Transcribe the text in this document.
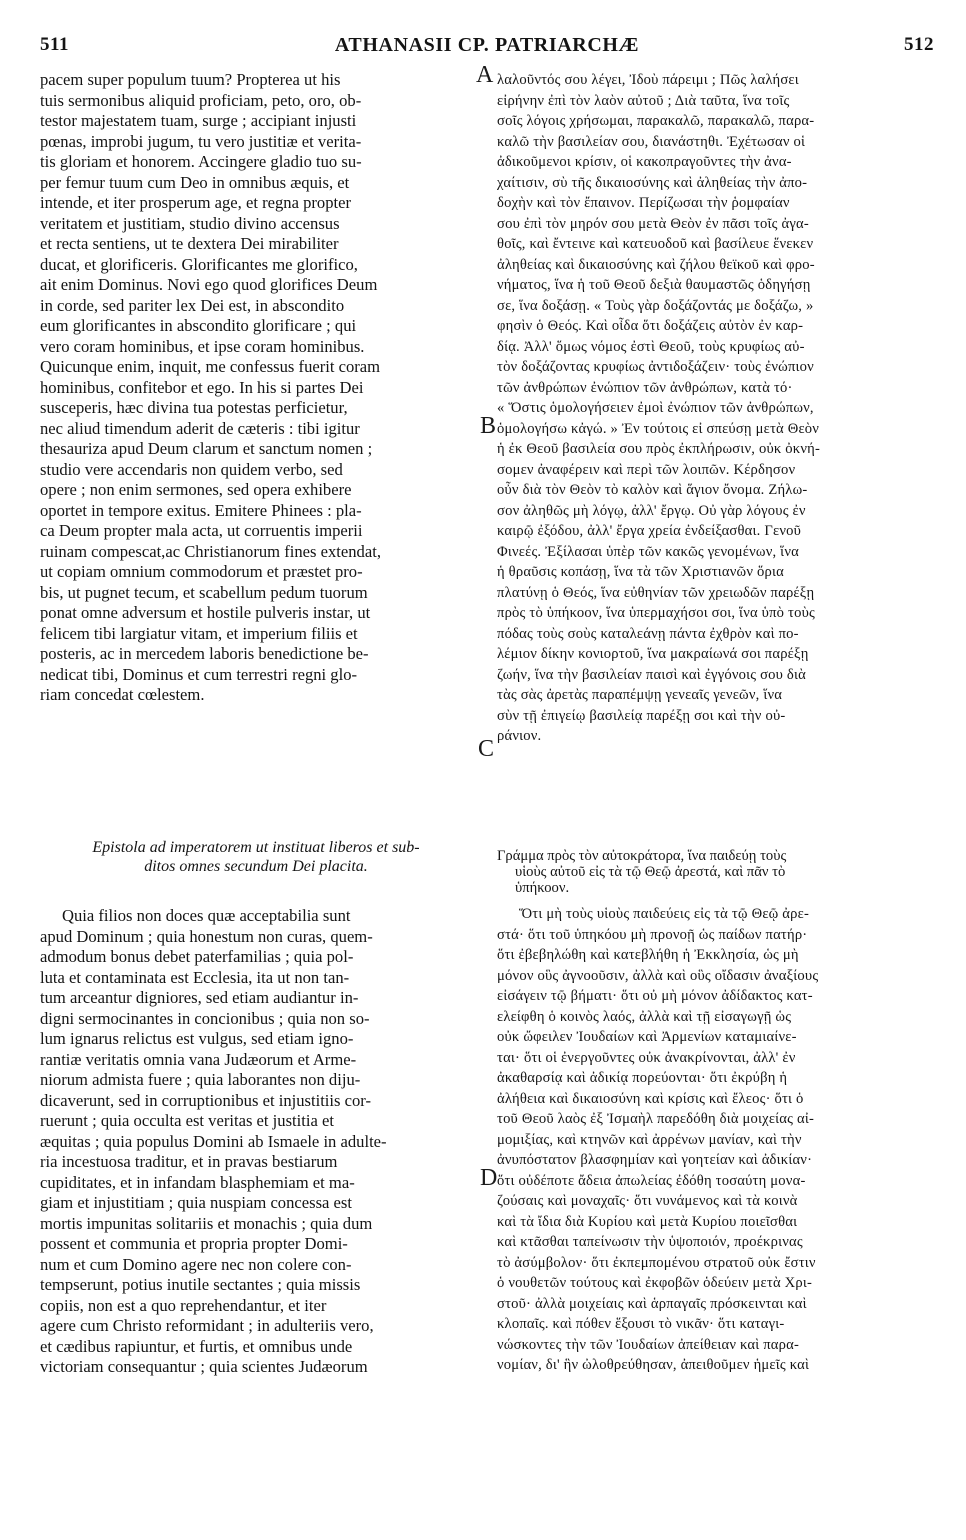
511	ATHANASII CP. PATRIARCHÆ	512
A
B
C
D
pacem super populum tuum? Propterea ut his
tuis sermonibus aliquid proficiam, peto, oro, ob-
testor majestatem tuam, surge ; accipiant injusti
pœnas, improbi jugum, tu vero justitiæ et verita-
tis gloriam et honorem. Accingere gladio tuo su-
per femur tuum cum Deo in omnibus æquis, et
intende, et iter prosperum age, et regna propter
veritatem et justitiam, studio divino accensus
et recta sentiens, ut te dextera Dei mirabiliter
ducat, et glorificeris. Glorificantes me glorifico,
ait enim Dominus. Novi ego quod glorifices Deum
in corde, sed pariter lex Dei est, in abscondito
eum glorificantes in abscondito glorificare ; qui
vero coram hominibus, et ipse coram hominibus.
Quicunque enim, inquit, me confessus fuerit coram
hominibus, confitebor et ego. In his si partes Dei
susceperis, hæc divina tua potestas perficietur,
nec aliud timendum aderit de cæteris : tibi igitur
thesauriza apud Deum clarum et sanctum nomen ;
studio vere accendaris non quidem verbo, sed
opere ; non enim sermones, sed opera exhibere
oportet in tempore exitus. Emitere Phinees : pla-
ca Deum propter mala acta, ut corruentis imperii
ruinam compescat,ac Christianorum fines extendat,
ut copiam omnium commodorum et præstet pro-
bis, ut pugnet tecum, et scabellum pedum tuorum
ponat omne adversum et hostile pulveris instar, ut
felicem tibi largiatur vitam, et imperium filiis et
posteris, ac in mercedem laboris benedictione be-
nedicat tibi, Dominus et cum terrestri regni glo-
riam concedat cœlestem.
Epistola ad imperatorem ut instituat liberos et sub-
ditos omnes secundum Dei placita.
Quia filios non doces quæ acceptabilia sunt
apud Dominum ; quia honestum non curas, quem-
admodum bonus debet paterfamilias ; quia pol-
luta et contaminata est Ecclesia, ita ut non tan-
tum arceantur digniores, sed etiam audiantur in-
digni sermocinantes in concionibus ; quia non so-
lum ignarus relictus est vulgus, sed etiam igno-
rantiæ veritatis omnia vana Judæorum et Arme-
niorum admista fuere ; quia laborantes non diju-
dicaverunt, sed in corruptionibus et injustitiis cor-
ruerunt ; quia occulta est veritas et justitia et
æquitas ; quia populus Domini ab Ismaele in adulte-
ria incestuosa traditur, et in pravas bestiarum
cupiditates, et in infandam blasphemiam et ma-
giam et injustitiam ; quia nuspiam concessa est
mortis impunitas solitariis et monachis ; quia dum
possent et communia et propria propter Domi-
num et cum Domino agere nec non colere con-
tempserunt, potius inutile sectantes ; quia missis
copiis, non est a quo reprehendantur, et iter
agere cum Christo reformidant ; in adulteriis vero,
et cædibus rapiuntur, et furtis, et omnibus unde
victoriam consequantur ; quia scientes Judæorum
λαλοῦντός σου λέγει, Ἰδοὺ πάρειμι ; Πῶς λαλήσει
εἰρήνην ἐπὶ τὸν λαὸν αὐτοῦ ; Διὰ ταῦτα, ἵνα τοῖς
σοῖς λόγοις χρήσωμαι, παρακαλῶ, παρακαλῶ, παρα-
καλῶ τὴν βασιλείαν σου, διανάστηθι. Ἐχέτωσαν οἱ
ἀδικοῦμενοι κρίσιν, οἱ κακοπραγοῦντες τὴν ἀνα-
χαίτισιν, σὺ τῆς δικαιοσύνης καὶ ἀληθείας τὴν ἀπο-
δοχὴν καὶ τὸν ἔπαινον. Περίζωσαι τὴν ῥομφαίαν
σου ἐπὶ τὸν μηρόν σου μετὰ Θεὸν ἐν πᾶσι τοῖς ἀγα-
θοῖς, καὶ ἔντεινε καὶ κατευοδοῦ καὶ βασίλευε ἕνεκεν
ἀληθείας καὶ δικαιοσύνης καὶ ζήλου θεϊκοῦ καὶ φρο-
νήματος, ἵνα ἡ τοῦ Θεοῦ δεξιὰ θαυμαστῶς ὁδηγήσῃ
σε, ἵνα δοξάσῃ. « Τοὺς γὰρ δοξάζοντάς με δοξάζω, »
φησὶν ὁ Θεός. Καὶ οἶδα ὅτι δοξάζεις αὐτὸν ἐν καρ-
δίᾳ. Ἀλλ' ὅμως νόμος ἐστὶ Θεοῦ, τοὺς κρυφίως αὐ-
τὸν δοξάζοντας κρυφίως ἀντιδοξάζειν· τοὺς ἐνώπιον
τῶν ἀνθρώπων ἐνώπιον τῶν ἀνθρώπων, κατὰ τό·
« Ὅστις ὁμολογήσειεν ἐμοὶ ἐνώπιον τῶν ἀνθρώπων,
ὁμολογήσω κἀγώ. » Ἐν τούτοις εἰ σπεύσῃ μετὰ Θεὸν
ἡ ἐκ Θεοῦ βασιλεία σου πρὸς ἐκπλήρωσιν, οὐκ ὀκνή-
σομεν ἀναφέρειν καὶ περὶ τῶν λοιπῶν. Κέρδησον
οὖν διὰ τὸν Θεὸν τὸ καλὸν καὶ ἅγιον ὄνομα. Ζήλω-
σον ἀληθῶς μὴ λόγῳ, ἀλλ' ἔργῳ. Οὐ γὰρ λόγους ἐν
καιρῷ ἐξόδου, ἀλλ' ἔργα χρεία ἐνδείξασθαι. Γενοῦ
Φινεές. Ἐξίλασαι ὑπὲρ τῶν κακῶς γενομένων, ἵνα
ἡ θραῦσις κοπάσῃ, ἵνα τὰ τῶν Χριστιανῶν ὅρια
πλατύνῃ ὁ Θεός, ἵνα εὐθηνίαν τῶν χρειωδῶν παρέξῃ
πρὸς τὸ ὑπήκοον, ἵνα ὑπερμαχήσοι σοι, ἵνα ὑπὸ τοὺς
πόδας τοὺς σοὺς καταλεάνῃ πάντα ἐχθρὸν καὶ πο-
λέμιον δίκην κονιορτοῦ, ἵνα μακραίωνά σοι παρέξῃ
ζωήν, ἵνα τὴν βασιλείαν παισὶ καὶ ἐγγόνοις σου διὰ
τὰς σὰς ἀρετὰς παραπέμψῃ γενεαῖς γενεῶν, ἵνα
σὺν τῇ ἐπιγείῳ βασιλείᾳ παρέξῃ σοι καὶ τὴν οὐ-
ράνιον.
Γράμμα πρὸς τὸν αὐτοκράτορα, ἵνα παιδεύῃ τοὺς
υἱοὺς αὐτοῦ εἰς τὰ τῷ Θεῷ ἀρεστά, καὶ πᾶν τὸ
ὑπήκοον.
Ὅτι μὴ τοὺς υἱοὺς παιδεύεις εἰς τὰ τῷ Θεῷ ἀρε-
στά· ὅτι τοῦ ὑπηκόου μὴ προνοῇ ὡς παίδων πατήρ·
ὅτι ἐβεβηλώθη καὶ κατεβλήθη ἡ Ἐκκλησία, ὡς μὴ
μόνον οὓς ἀγνοοῦσιν, ἀλλὰ καὶ οὓς οἴδασιν ἀναξίους
εἰσάγειν τῷ βήματι· ὅτι οὐ μὴ μόνον ἀδίδακτος κατ-
ελείφθη ὁ κοινὸς λαός, ἀλλὰ καὶ τῇ εἰσαγωγῇ ὡς
οὐκ ὤφειλεν Ἰουδαίων καὶ Ἀρμενίων καταμιαίνε-
ται· ὅτι οἱ ἐνεργοῦντες οὐκ ἀνακρίνονται, ἀλλ' ἐν
ἀκαθαρσίᾳ καὶ ἀδικίᾳ πορεύονται· ὅτι ἐκρύβη ἡ
ἀλήθεια καὶ δικαιοσύνη καὶ κρίσις καὶ ἔλεος· ὅτι ὁ
τοῦ Θεοῦ λαὸς ἐξ Ἰσμαὴλ παρεδόθη διὰ μοιχείας αἰ-
μομιξίας, καὶ κτηνῶν καὶ ἀρρένων μανίαν, καὶ τὴν
ἀνυπόστατον βλασφημίαν καὶ γοητείαν καὶ ἀδικίαν·
ὅτι οὐδέποτε ἄδεια ἀπωλείας ἐδόθη τοσαύτη μονα-
ζούσαις καὶ μοναχαῖς· ὅτι νυνάμενος καὶ τὰ κοινὰ
καὶ τὰ ἴδια διὰ Κυρίου καὶ μετὰ Κυρίου ποιεῖσθαι
καὶ κτᾶσθαι ταπείνωσιν τὴν ὑψοποιόν, προέκρινας
τὸ ἀσύμβολον· ὅτι ἐκπεμπομένου στρατοῦ οὐκ ἔστιν
ὁ νουθετῶν τούτους καὶ ἐκφοβῶν ὁδεύειν μετὰ Χρι-
στοῦ· ἀλλὰ μοιχείαις καὶ ἁρπαγαῖς πρόσκεινται καὶ
κλοπαῖς. καὶ πόθεν ἕξουσι τὸ νικᾶν· ὅτι καταγι-
νώσκοντες τὴν τῶν Ἰουδαίων ἀπείθειαν καὶ παρα-
νομίαν, δι' ἣν ὠλοθρεύθησαν, ἀπειθοῦμεν ἡμεῖς καὶ
